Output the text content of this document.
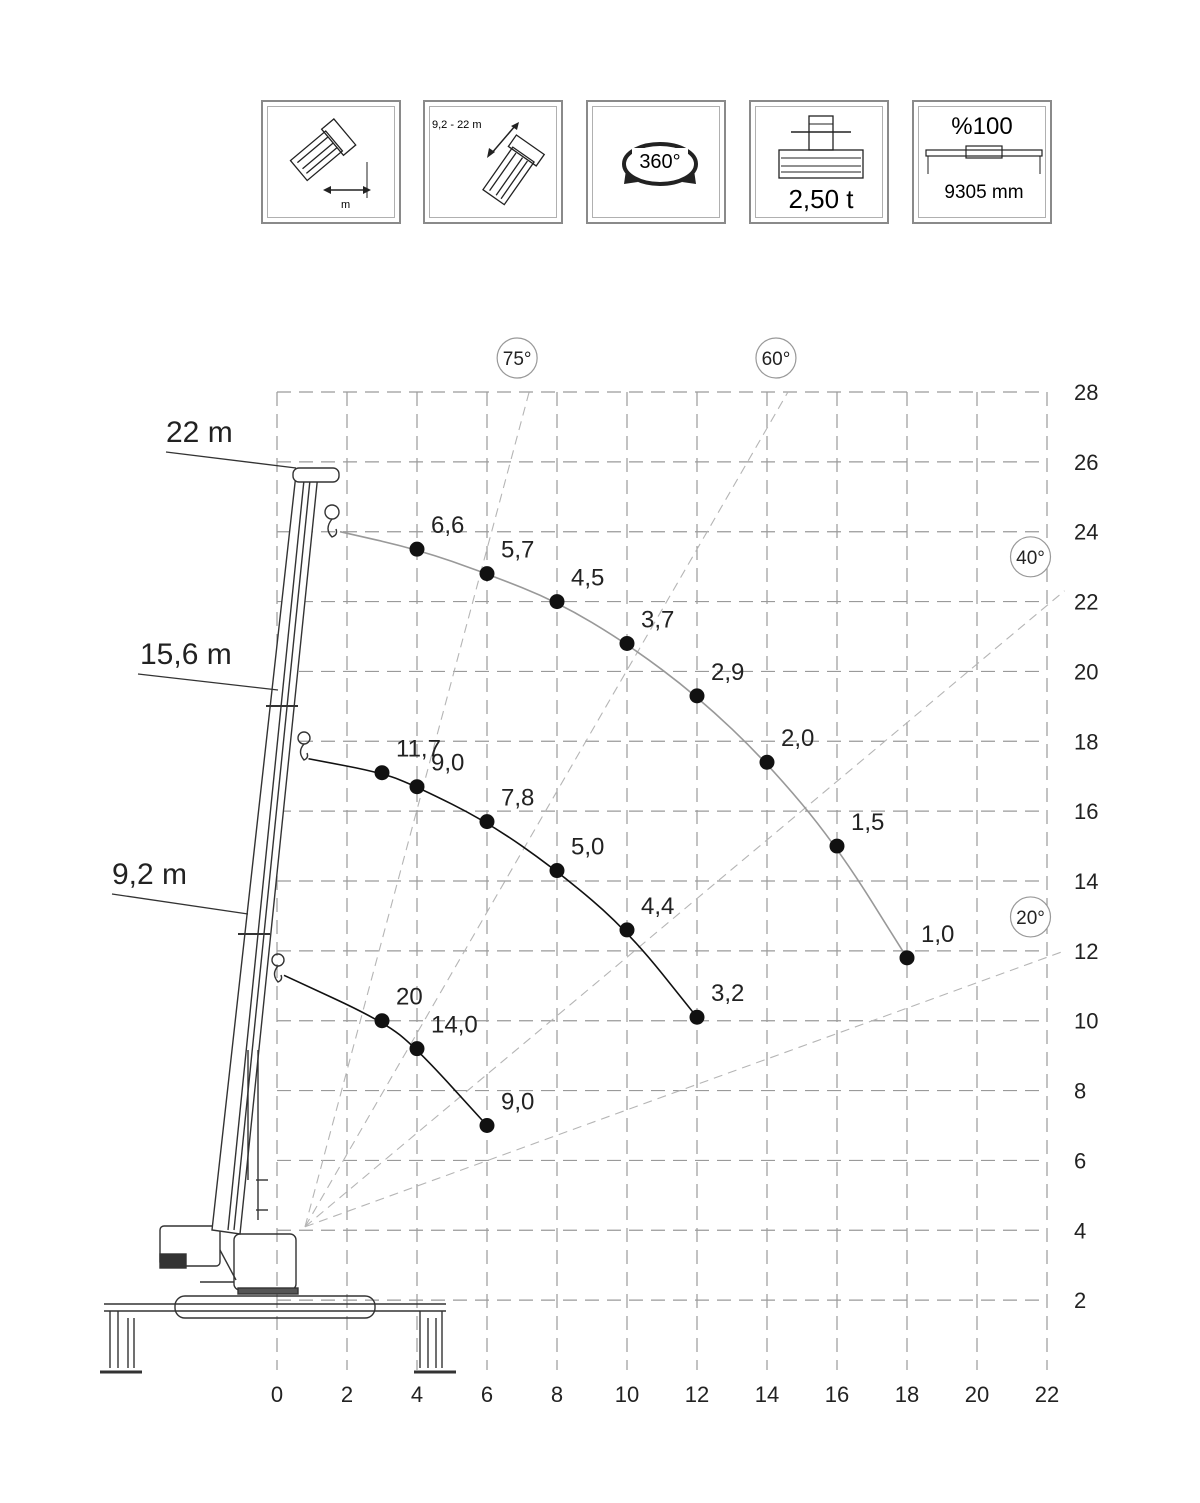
m
9,2 - 22 m
360°
2,50 t
%100
9305 mm
75°	60°
40°
20°
22 m
15,6 m
9,2 m
6,6
5,7
4,5
3,7
2,9
2,0
1,5
1,0
11,7
9,0
7,8
5,0
4,4
3,2
20
14,0
9,0
0	2	4	6	8 10 12 14 16 18 20 22
2
4
6
8
10
12
14
16
18
20
22
24
26
28
